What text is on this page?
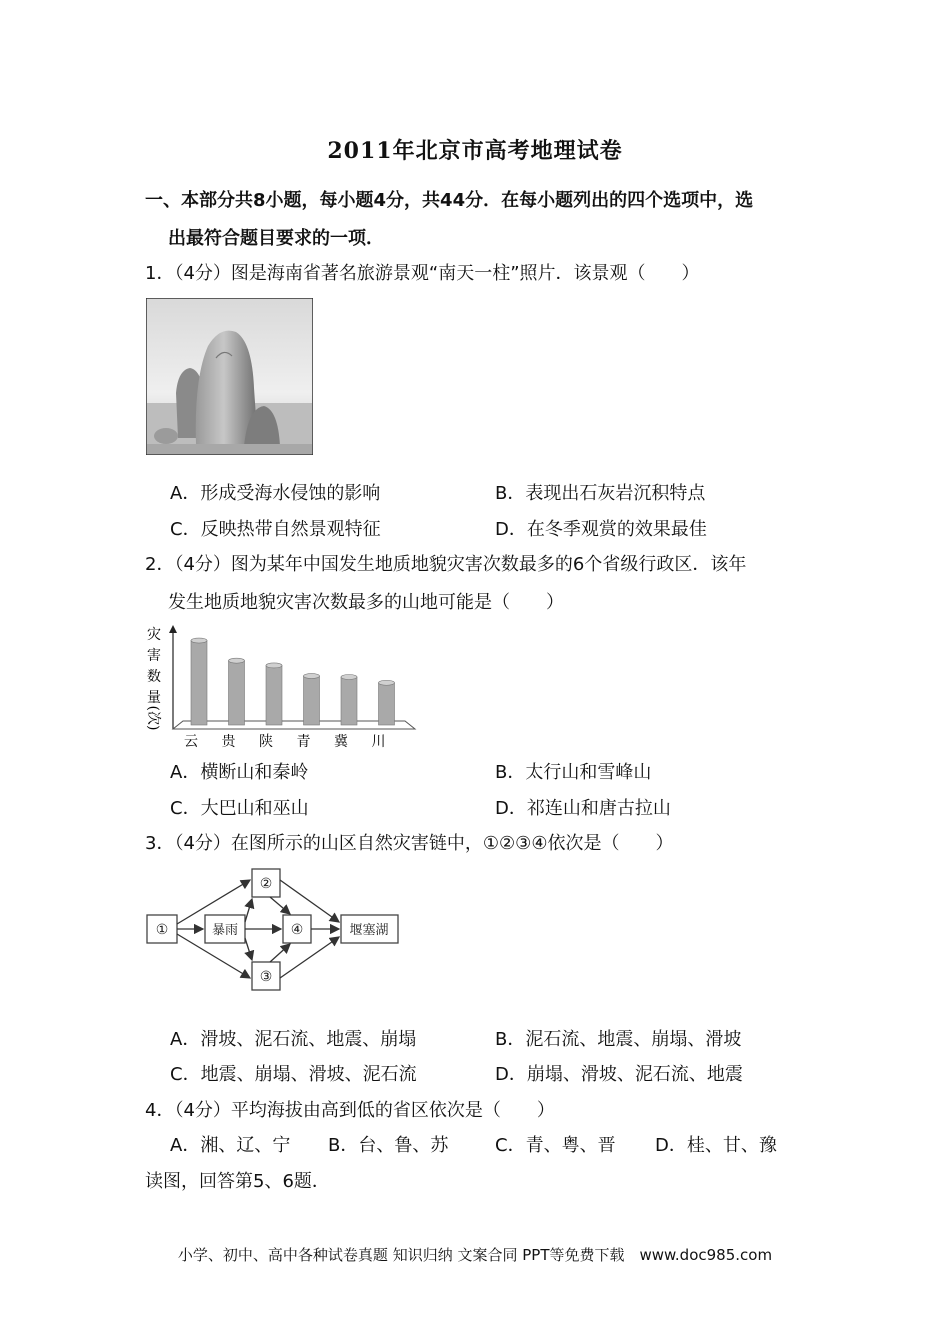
2011年北京市高考地理试卷
一、本部分共8小题，每小题4分，共44分．在每小题列出的四个选项中，选
出最符合题目要求的一项．
1．（4分）图是海南省著名旅游景观“南天一柱”照片．该景观（　　）
A．形成受海水侵蚀的影响	B．表现出石灰岩沉积特点
C．反映热带自然景观特征	D．在冬季观赏的效果最佳
2．（4分）图为某年中国发生地质地貌灾害次数最多的6个省级行政区．该年
发生地质地貌灾害次数最多的山地可能是（　　）
灾
害
数
量
(次)
云 贵 陕 青 冀 川
A．横断山和秦岭	B．太行山和雪峰山
C．大巴山和巫山	D．祁连山和唐古拉山
3．（4分）在图所示的山区自然灾害链中，①②③④依次是（　　）
①
②
③
④
暴雨	堰塞湖
A．滑坡、泥石流、地震、崩塌	B．泥石流、地震、崩塌、滑坡
C．地震、崩塌、滑坡、泥石流	D．崩塌、滑坡、泥石流、地震
4．（4分）平均海拔由高到低的省区依次是（　　）
A．湘、辽、宁 B．台、鲁、苏	C．青、粤、晋 D．桂、甘、豫
读图，回答第5、6题．
小学、初中、高中各种试卷真题 知识归纳 文案合同 PPT等免费下载　www.doc985.com
